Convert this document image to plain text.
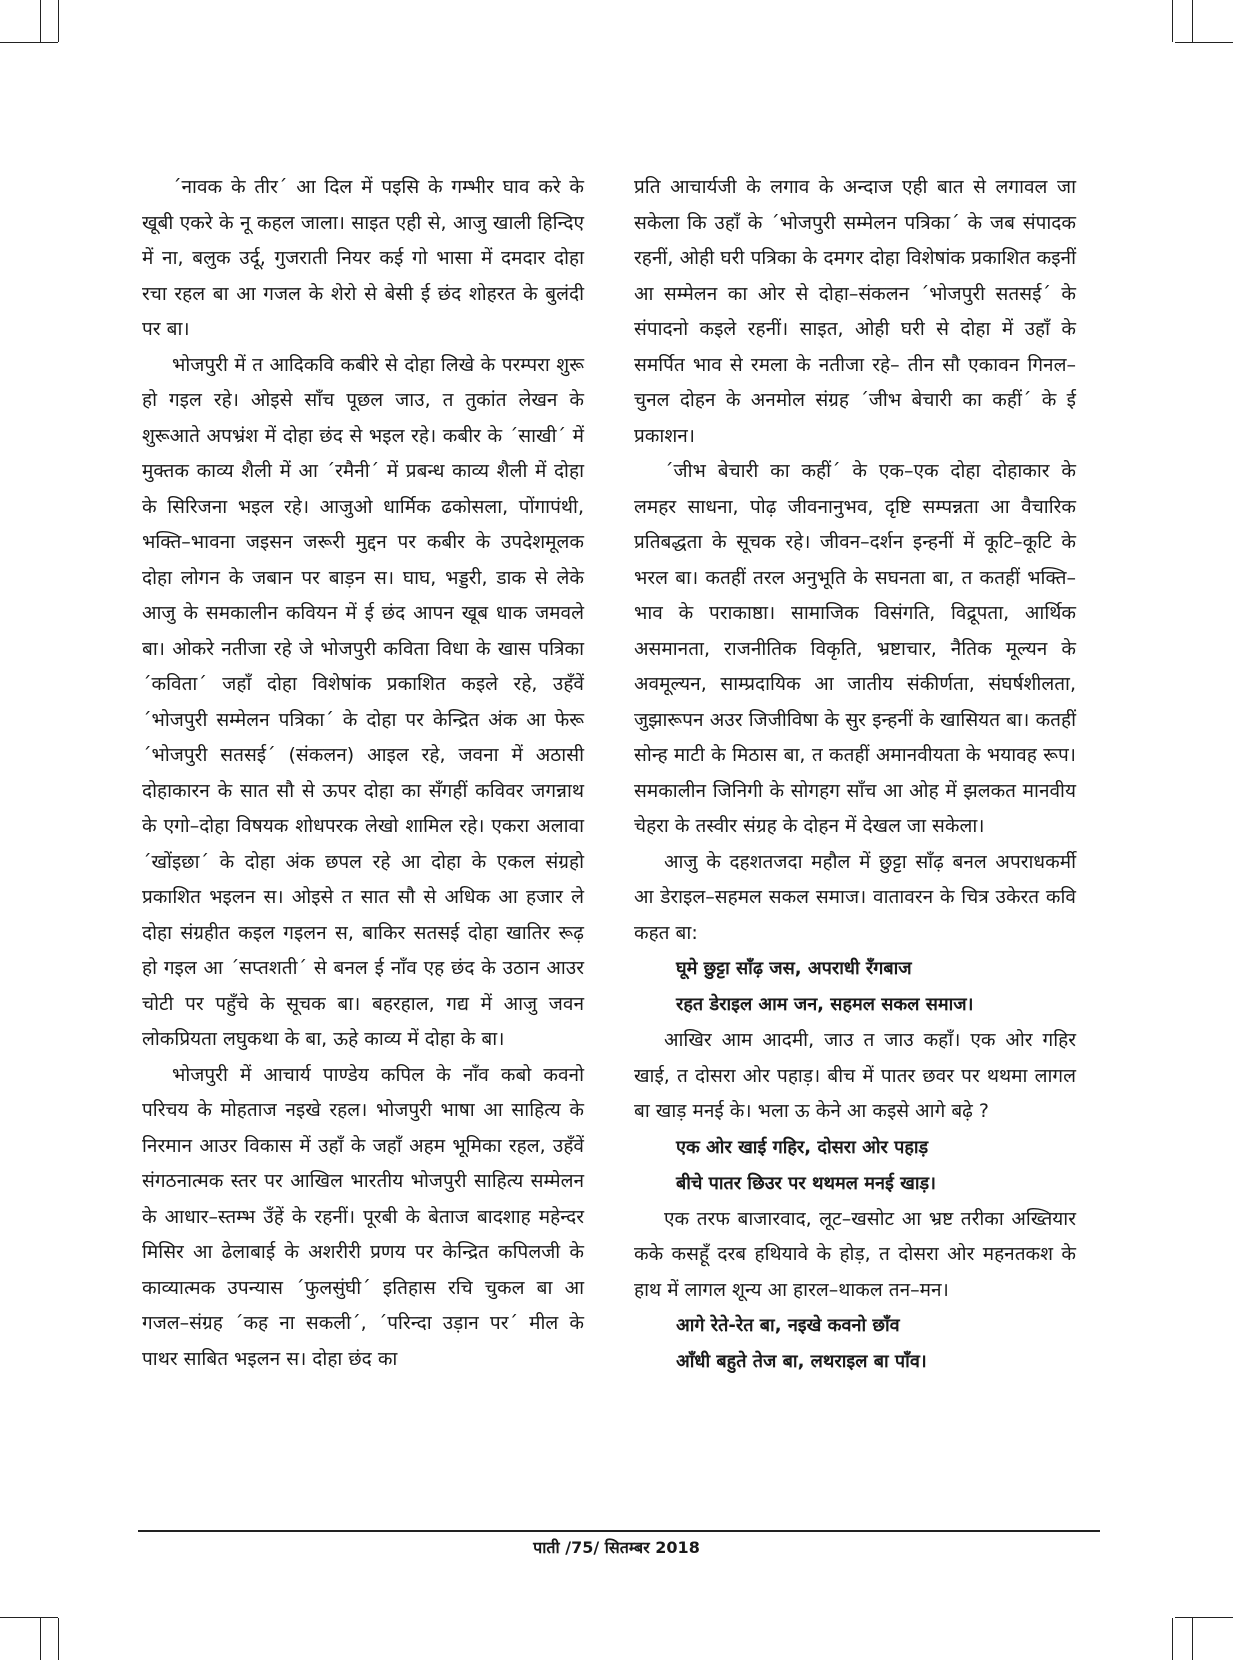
´नावक के तीर´ आ दिल में पइसि के गम्भीर घाव करे के खूबी एकरे के नू कहल जाला। साइत एही से, आजु खाली हिन्दिए में ना, बलुक उर्दू, गुजराती नियर कई गो भासा में दमदार दोहा रचा रहल बा आ गजल के शेरो से बेसी ई छंद शोहरत के बुलंदी पर बा।

भोजपुरी में त आदिकवि कबीरे से दोहा लिखे के परम्परा शुरू हो गइल रहे। ओइसे साँच पूछल जाउ, त तुकांत लेखन के शुरूआते अपभ्रंश में दोहा छंद से भइल रहे। कबीर के ´साखी´ में मुक्तक काव्य शैली में आ ´रमैनी´ में प्रबन्ध काव्य शैली में दोहा के सिरिजना भइल रहे। आजुओ धार्मिक ढकोसला, पोंगापंथी, भक्ति–भावना जइसन जरूरी मुद्दन पर कबीर के उपदेशमूलक दोहा लोगन के जबान पर बाड़न स। घाघ, भड्डरी, डाक से लेके आजु के समकालीन कवियन में ई छंद आपन खूब धाक जमवले बा। ओकरे नतीजा रहे जे भोजपुरी कविता विधा के खास पत्रिका ´कविता´ जहाँ दोहा विशेषांक प्रकाशित कइले रहे, उहँवें ´भोजपुरी सम्मेलन पत्रिका´ के दोहा पर केन्द्रित अंक आ फेरू ´भोजपुरी सतसई´ (संकलन) आइल रहे, जवना में अठासी दोहाकारन के सात सौ से ऊपर दोहा का सँगहीं कविवर जगन्नाथ के एगो–दोहा विषयक शोधपरक लेखो शामिल रहे। एकरा अलावा ´खोंइछा´ के दोहा अंक छपल रहे आ दोहा के एकल संग्रहो प्रकाशित भइलन स। ओइसे त सात सौ से अधिक आ हजार ले दोहा संग्रहीत कइल गइलन स, बाकिर सतसई दोहा खातिर रूढ़ हो गइल आ ´सप्तशती´ से बनल ई नाँव एह छंद के उठान आउर चोटी पर पहुँचे के सूचक बा। बहरहाल, गद्य में आजु जवन लोकप्रियता लघुकथा के बा, ऊहे काव्य में दोहा के बा।

भोजपुरी में आचार्य पाण्डेय कपिल के नाँव कबो कवनो परिचय के मोहताज नइखे रहल। भोजपुरी भाषा आ साहित्य के निरमान आउर विकास में उहाँ के जहाँ अहम भूमिका रहल, उहँवें संगठनात्मक स्तर पर आखिल भारतीय भोजपुरी साहित्य सम्मेलन के आधार–स्तम्भ उँहें के रहनीं। पूरबी के बेताज बादशाह महेन्दर मिसिर आ ढेलाबाई के अशरीरी प्रणय पर केन्द्रित कपिलजी के काव्यात्मक उपन्यास ´फुलसुंघी´ इतिहास रचि चुकल बा आ गजल–संग्रह ´कह ना सकली´, ´परिन्दा उड़ान पर´ मील के पाथर साबित भइलन स। दोहा छंद का

प्रति आचार्यजी के लगाव के अन्दाज एही बात से लगावल जा सकेला कि उहाँ के ´भोजपुरी सम्मेलन पत्रिका´ के जब संपादक रहनीं, ओही घरी पत्रिका के दमगर दोहा विशेषांक प्रकाशित कइनीं आ सम्मेलन का ओर से दोहा–संकलन ´भोजपुरी सतसई´ के संपादनो कइले रहनीं। साइत, ओही घरी से दोहा में उहाँ के समर्पित भाव से रमला के नतीजा रहे– तीन सौ एकावन गिनल–चुनल दोहन के अनमोल संग्रह ´जीभ बेचारी का कहीं´ के ई प्रकाशन।

´जीभ बेचारी का कहीं´ के एक–एक दोहा दोहाकार के लमहर साधना, पोढ़ जीवनानुभव, दृष्टि सम्पन्नता आ वैचारिक प्रतिबद्धता के सूचक रहे। जीवन–दर्शन इन्हनीं में कूटि–कूटि के भरल बा। कतहीं तरल अनुभूति के सघनता बा, त कतहीं भक्ति–भाव के पराकाष्ठा। सामाजिक विसंगति, विद्रूपता, आर्थिक असमानता, राजनीतिक विकृति, भ्रष्टाचार, नैतिक मूल्यन के अवमूल्यन, साम्प्रदायिक आ जातीय संकीर्णता, संघर्षशीलता, जुझारूपन अउर जिजीविषा के सुर इन्हनीं के खासियत बा। कतहीं सोन्ह माटी के मिठास बा, त कतहीं अमानवीयता के भयावह रूप। समकालीन जिनिगी के सोगहग साँच आ ओह में झलकत मानवीय चेहरा के तस्वीर संग्रह के दोहन में देखल जा सकेला।

आजु के दहशतजदा महौल में छुट्टा साँढ़ बनल अपराधकर्मी आ डेराइल–सहमल सकल समाज। वातावरन के चित्र उकेरत कवि कहत बा:

घूमे छुट्टा साँढ़ जस, अपराधी रँगबाज
रहत डेराइल आम जन, सहमल सकल समाज।

आखिर आम आदमी, जाउ त जाउ कहाँ। एक ओर गहिर खाई, त दोसरा ओर पहाड़। बीच में पातर छवर पर थथमा लागल बा खाड़ मनई के। भला ऊ केने आ कइसे आगे बढ़े ?

एक ओर खाई गहिर, दोसरा ओर पहाड़
बीचे पातर छिउर पर थथमल मनई खाड़।

एक तरफ बाजारवाद, लूट–खसोट आ भ्रष्ट तरीका अख्तियार कके कसहूँ दरब हथियावे के होड़, त दोसरा ओर महनतकश के हाथ में लागल शून्य आ हारल–थाकल तन–मन।

आगे रेते-रेत बा, नइखे कवनो छाँव
आँधी बहुते तेज बा, लथराइल बा पाँव।
पाती /75/ सितम्बर 2018
